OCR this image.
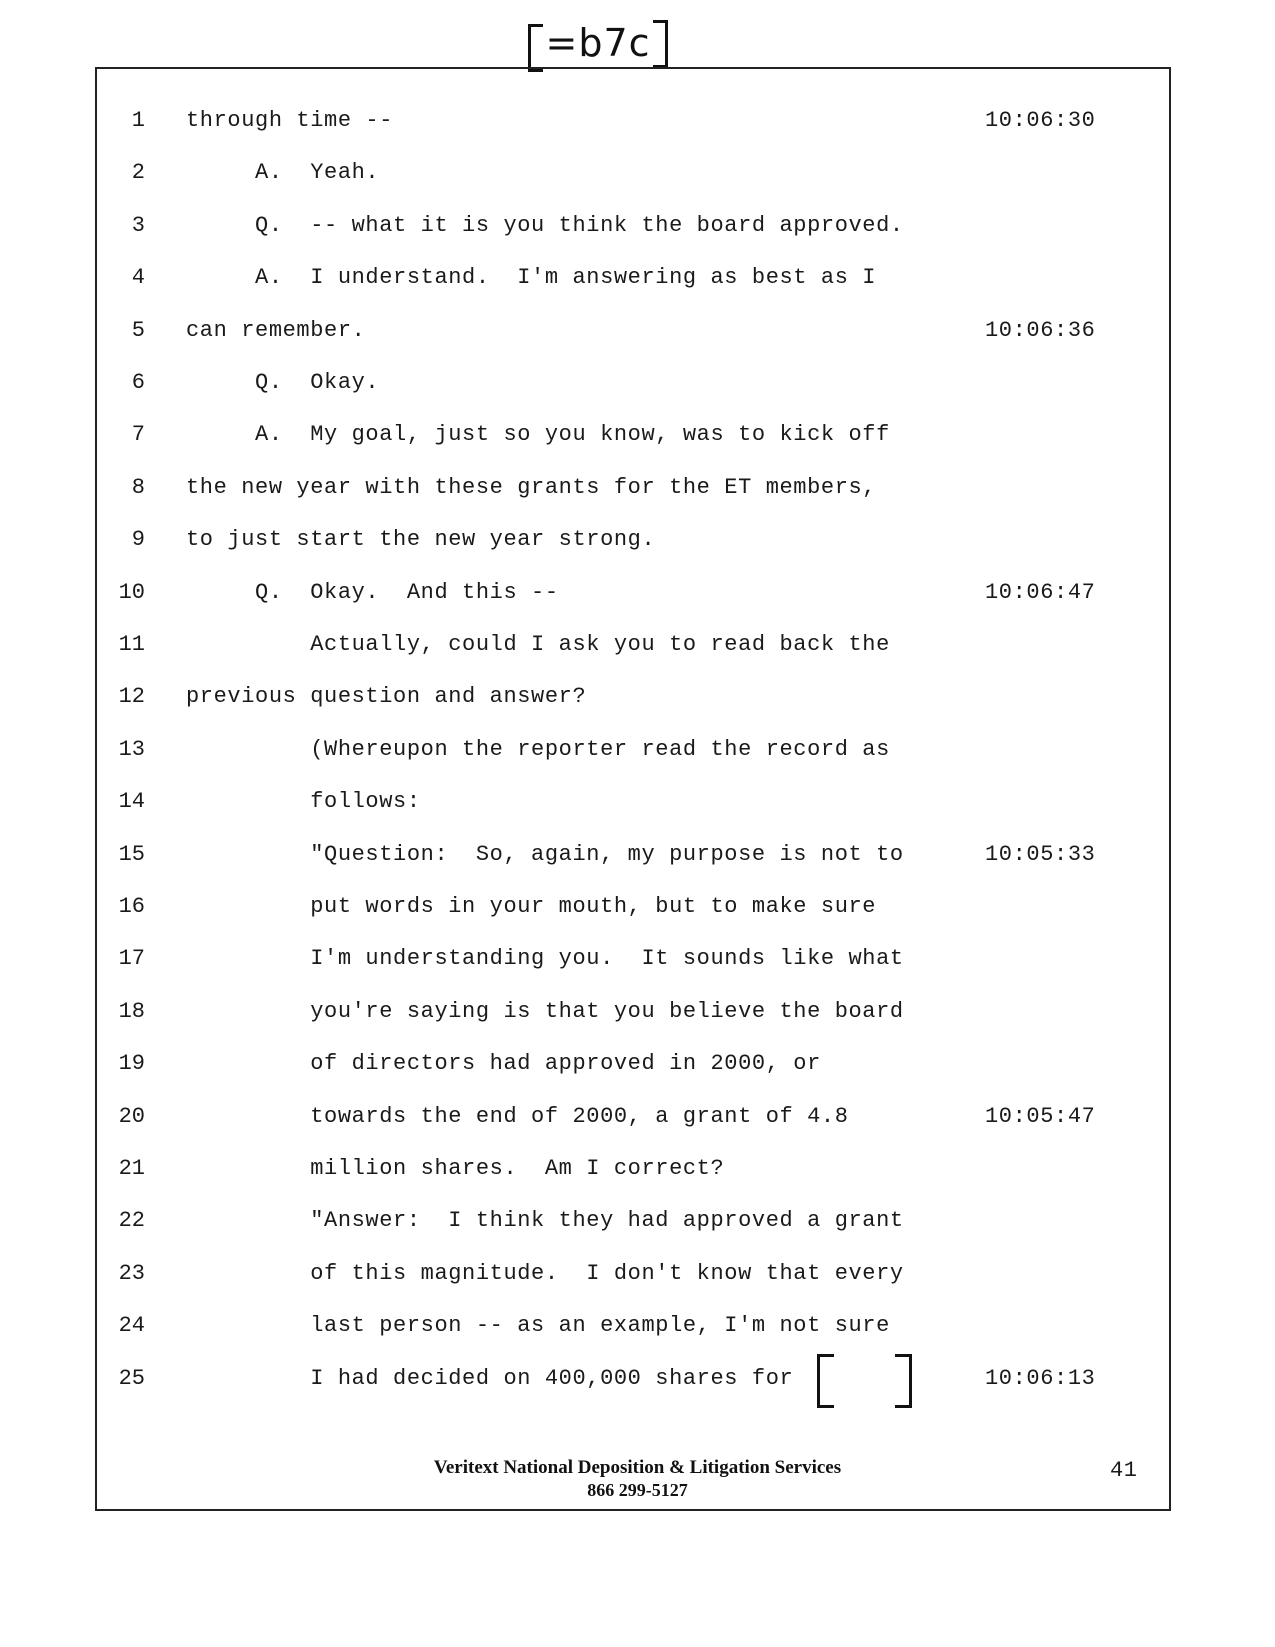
=b7c
1 through time --	10:06:30
2 A.  Yeah.
3 Q.  -- what it is you think the board approved.
4 A.  I understand.  I'm answering as best as I
5 can remember.	10:06:36
6 Q.  Okay.
7 A.  My goal, just so you know, was to kick off
8 the new year with these grants for the ET members,
9 to just start the new year strong.
10 Q.  Okay.  And this --	10:06:47
11 Actually, could I ask you to read back the
12 previous question and answer?
13 (Whereupon the reporter read the record as
14 follows:
15 "Question:  So, again, my purpose is not to	10:05:33
16 put words in your mouth, but to make sure
17 I'm understanding you.  It sounds like what
18 you're saying is that you believe the board
19 of directors had approved in 2000, or
20 towards the end of 2000, a grant of 4.8	10:05:47
21 million shares.  Am I correct?
22 "Answer:  I think they had approved a grant
23 of this magnitude.  I don't know that every
24 last person -- as an example, I'm not sure
25 I had decided on 400,000 shares for	10:06:13
41
Veritext National Deposition & Litigation Services
866 299-5127
